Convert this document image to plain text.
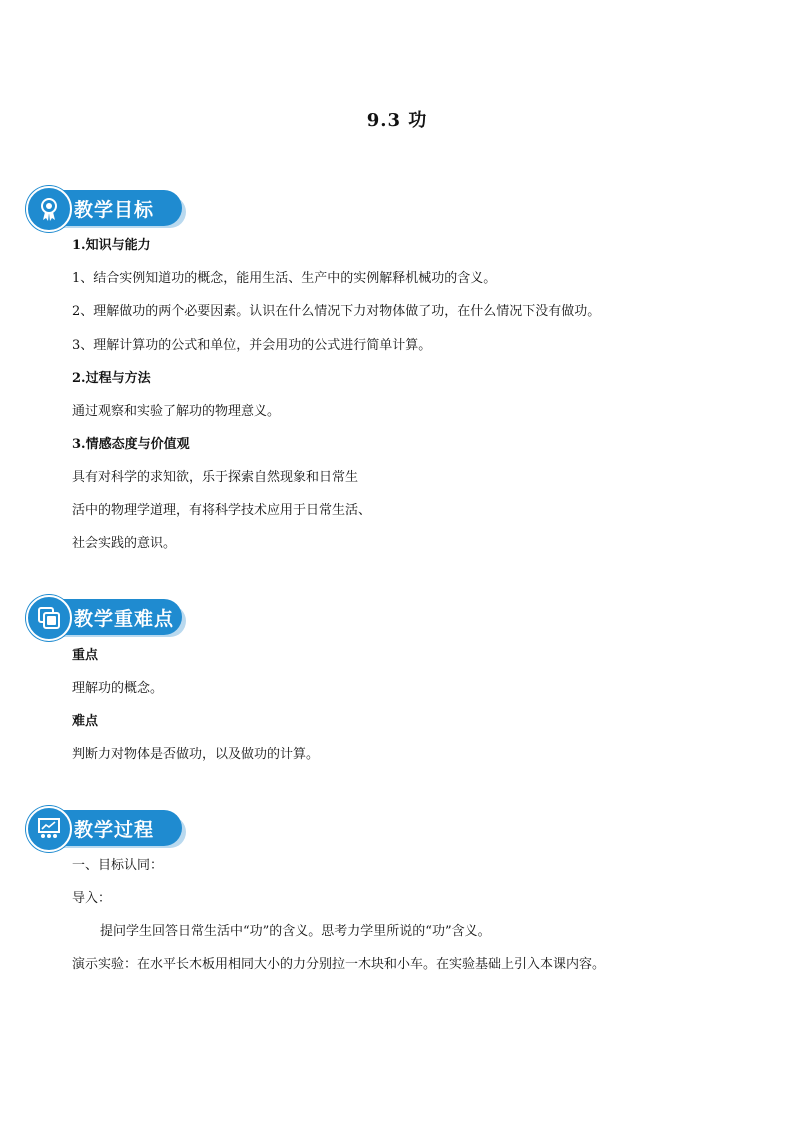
9.3 功
教学目标
1.知识与能力
1、结合实例知道功的概念，能用生活、生产中的实例解释机械功的含义。
2、理解做功的两个必要因素。认识在什么情况下力对物体做了功，在什么情况下没有做功。
3、理解计算功的公式和单位，并会用功的公式进行简单计算。
2.过程与方法
通过观察和实验了解功的物理意义。
3.情感态度与价值观
具有对科学的求知欲，乐于探索自然现象和日常生
活中的物理学道理，有将科学技术应用于日常生活、
社会实践的意识。
教学重难点
重点
理解功的概念。
难点
判断力对物体是否做功，以及做功的计算。
教学过程
一、目标认同：
导入：
提问学生回答日常生活中“功”的含义。思考力学里所说的“功”含义。
演示实验：在水平长木板用相同大小的力分别拉一木块和小车。在实验基础上引入本课内容。
